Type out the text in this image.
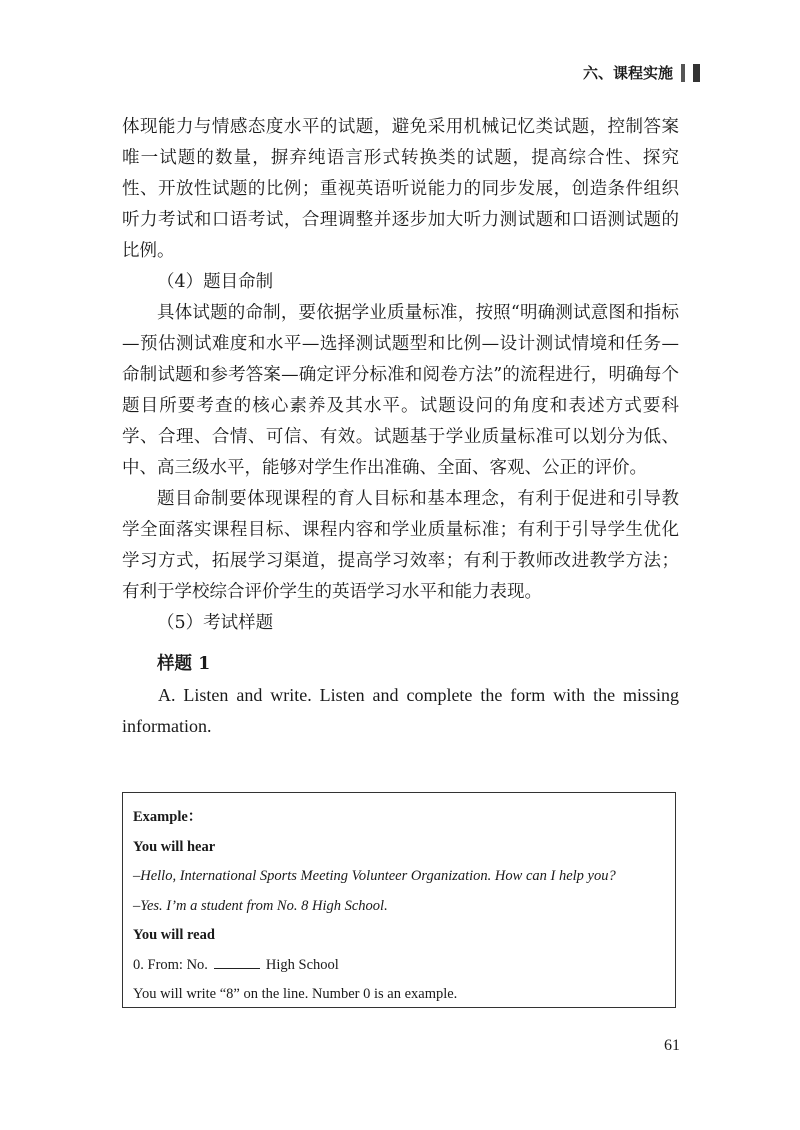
六、课程实施

体现能力与情感态度水平的试题，避免采用机械记忆类试题，控制答案唯一试题的数量，摒弃纯语言形式转换类的试题，提高综合性、探究性、开放性试题的比例；重视英语听说能力的同步发展，创造条件组织听力考试和口语考试，合理调整并逐步加大听力测试题和口语测试题的比例。

（4）题目命制

具体试题的命制，要依据学业质量标准，按照“明确测试意图和指标—预估测试难度和水平—选择测试题型和比例—设计测试情境和任务—命制试题和参考答案—确定评分标准和阅卷方法”的流程进行，明确每个题目所要考查的核心素养及其水平。试题设问的角度和表述方式要科学、合理、合情、可信、有效。试题基于学业质量标准可以划分为低、中、高三级水平，能够对学生作出准确、全面、客观、公正的评价。

题目命制要体现课程的育人目标和基本理念，有利于促进和引导教学全面落实课程目标、课程内容和学业质量标准；有利于引导学生优化学习方式，拓展学习渠道，提高学习效率；有利于教师改进教学方法；有利于学校综合评价学生的英语学习水平和能力表现。

（5）考试样题

样题 1

A. Listen and write. Listen and complete the form with the missing information.

Example：
You will hear
–Hello, International Sports Meeting Volunteer Organization. How can I help you?
–Yes. I’m a student from No. 8 High School.
You will read
0. From: No.	High School
You will write “8” on the line. Number 0 is an example.
61
